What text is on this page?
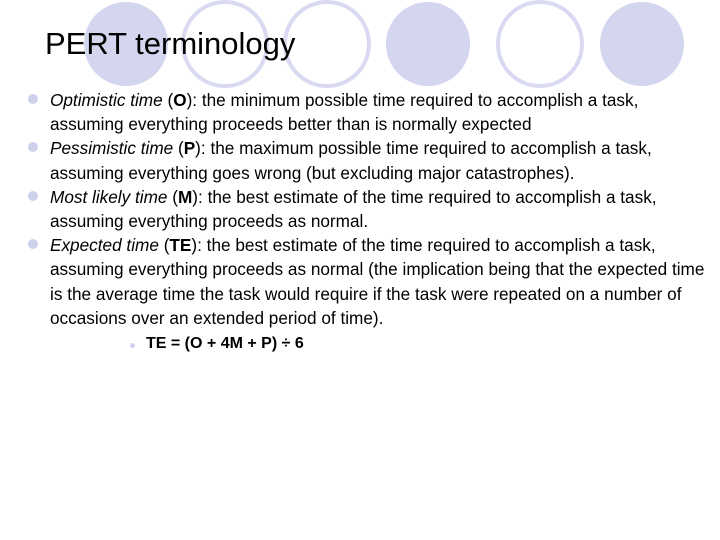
PERT terminology
Optimistic time (O): the minimum possible time required to accomplish a task, assuming everything proceeds better than is normally expected
Pessimistic time (P): the maximum possible time required to accomplish a task, assuming everything goes wrong (but excluding major catastrophes).
Most likely time (M): the best estimate of the time required to accomplish a task, assuming everything proceeds as normal.
Expected time (TE): the best estimate of the time required to accomplish a task, assuming everything proceeds as normal (the implication being that the expected time is the average time the task would require if the task were repeated on a number of occasions over an extended period of time).
TE = (O + 4M + P) ÷ 6
